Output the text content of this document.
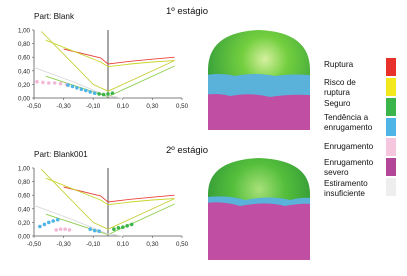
1º estágio
2º estágio
Part: Blank
0,00
0,20
0,40
0,60
0,80
1,00
-0,50 -0,30 -0,10	0,10	0,30	0,50
Part: Blank001
0,00
0,20
0,40
0,60
0,80
1,00
-0,50 -0,30 -0,10	0,10	0,30	0,50
Ruptura
Risco de
ruptura
Seguro
Tendência a
enrugamento
Enrugamento
Enrugamento
severo
Estiramento
insuficiente
